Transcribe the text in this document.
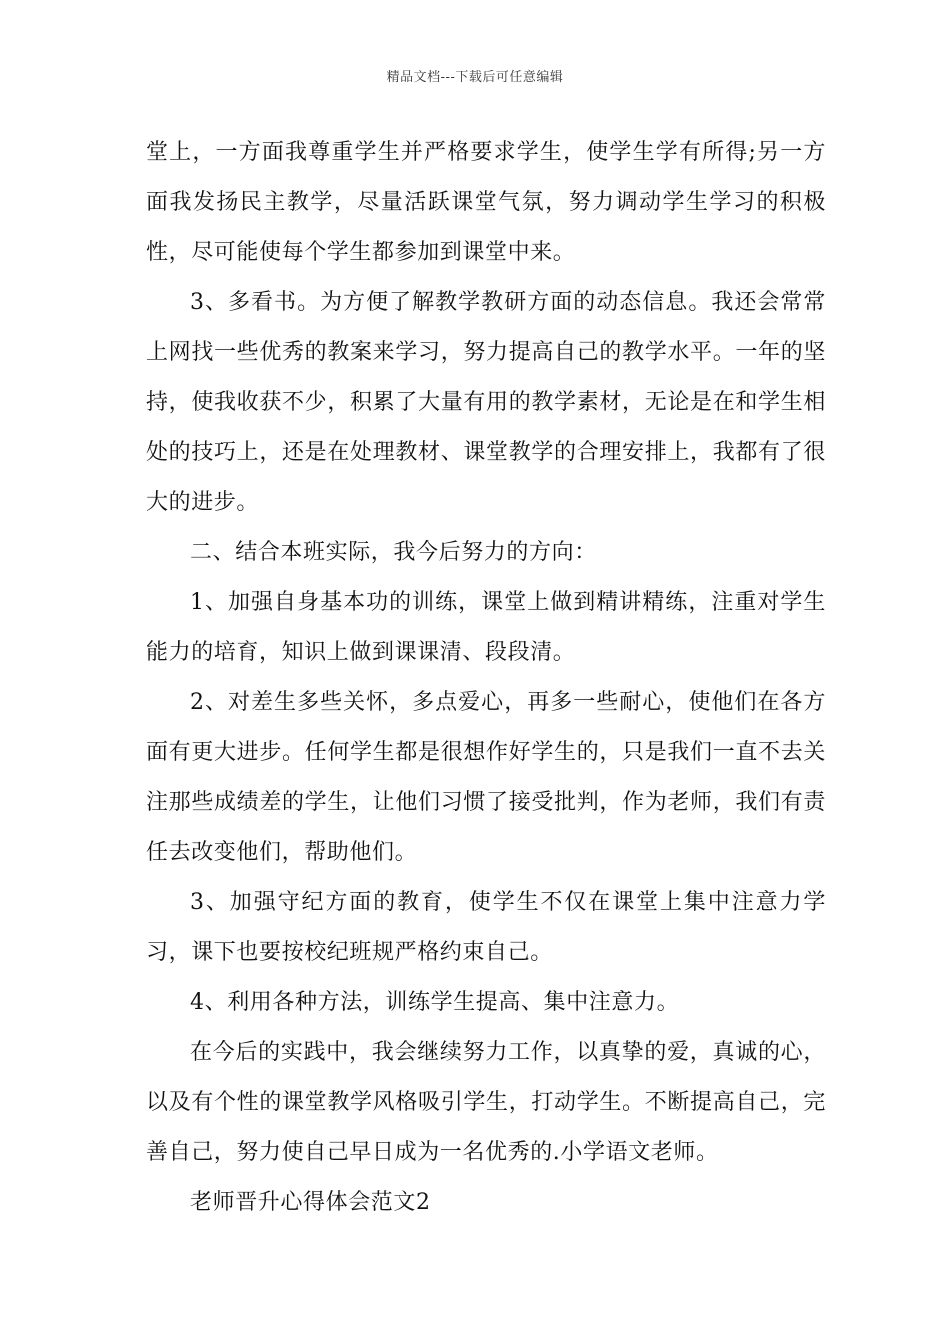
精品文档---下载后可任意编辑

堂上，一方面我尊重学生并严格要求学生，使学生学有所得;另一方面我发扬民主教学，尽量活跃课堂气氛，努力调动学生学习的积极性，尽可能使每个学生都参加到课堂中来。

3、多看书。为方便了解教学教研方面的动态信息。我还会常常上网找一些优秀的教案来学习，努力提高自己的教学水平。一年的坚持，使我收获不少，积累了大量有用的教学素材，无论是在和学生相处的技巧上，还是在处理教材、课堂教学的合理安排上，我都有了很大的进步。

二、结合本班实际，我今后努力的方向：

1、加强自身基本功的训练，课堂上做到精讲精练，注重对学生能力的培育，知识上做到课课清、段段清。

2、对差生多些关怀，多点爱心，再多一些耐心，使他们在各方面有更大进步。任何学生都是很想作好学生的，只是我们一直不去关注那些成绩差的学生，让他们习惯了接受批判，作为老师，我们有责任去改变他们，帮助他们。

3、加强守纪方面的教育，使学生不仅在课堂上集中注意力学习，课下也要按校纪班规严格约束自己。

4、利用各种方法，训练学生提高、集中注意力。

在今后的实践中，我会继续努力工作，以真挚的爱，真诚的心，以及有个性的课堂教学风格吸引学生，打动学生。不断提高自己，完善自己，努力使自己早日成为一名优秀的.小学语文老师。

老师晋升心得体会范文2
